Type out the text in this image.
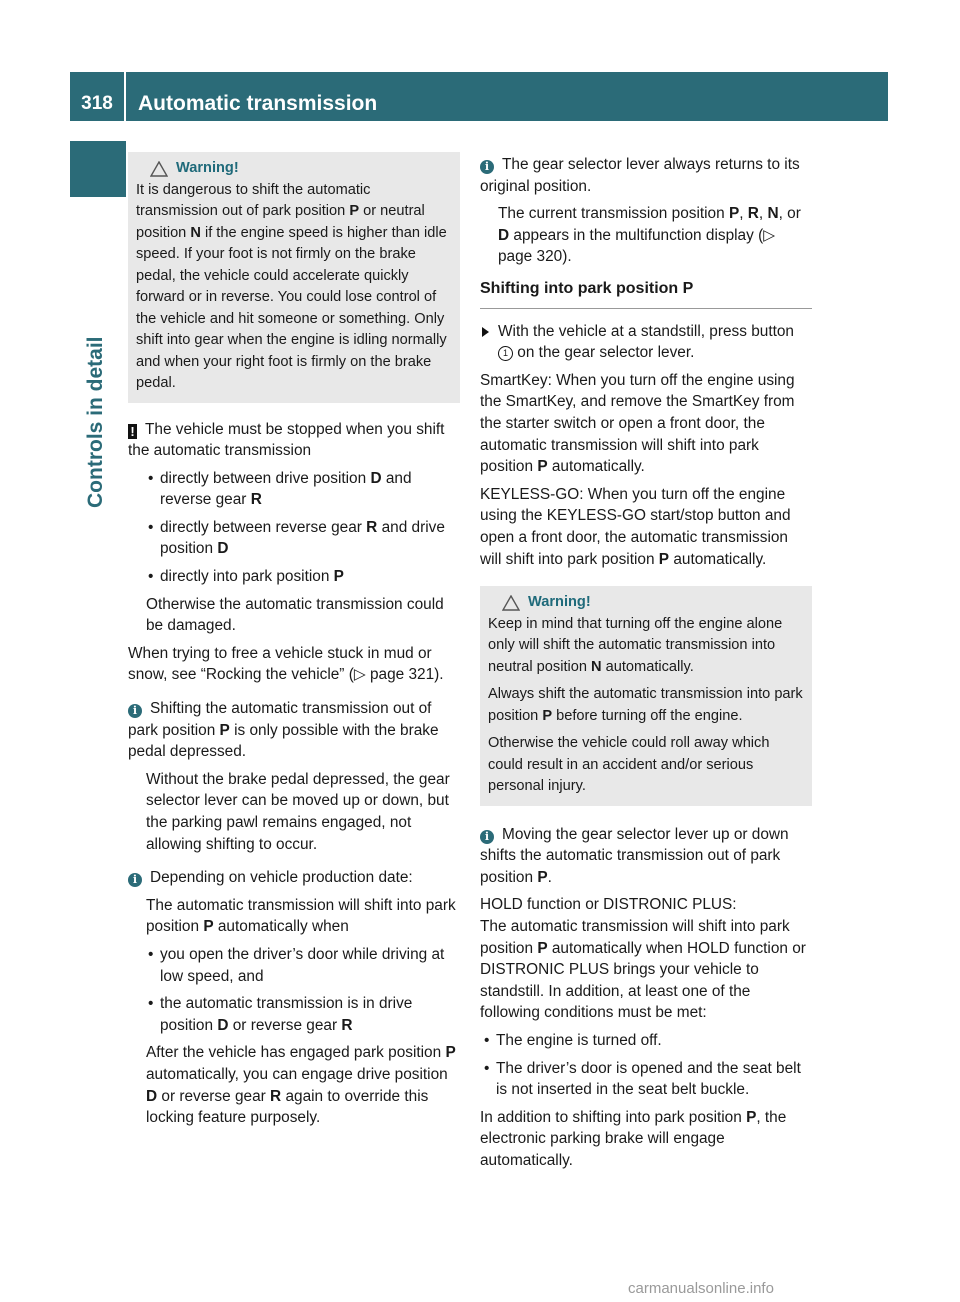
318	Automatic transmission
Controls in detail
Warning!
It is dangerous to shift the automatic transmission out of park position P or neutral position N if the engine speed is higher than idle speed. If your foot is not firmly on the brake pedal, the vehicle could accelerate quickly forward or in reverse. You could lose control of the vehicle and hit someone or something. Only shift into gear when the engine is idling normally and when your right foot is firmly on the brake pedal.
! The vehicle must be stopped when you shift the automatic transmission
• directly between drive position D and reverse gear R
• directly between reverse gear R and drive position D
• directly into park position P
Otherwise the automatic transmission could be damaged.
When trying to free a vehicle stuck in mud or snow, see “Rocking the vehicle” (▷ page 321).
i Shifting the automatic transmission out of park position P is only possible with the brake pedal depressed.
Without the brake pedal depressed, the gear selector lever can be moved up or down, but the parking pawl remains engaged, not allowing shifting to occur.
i Depending on vehicle production date:
The automatic transmission will shift into park position P automatically when
• you open the driver’s door while driving at low speed, and
• the automatic transmission is in drive position D or reverse gear R
After the vehicle has engaged park position P automatically, you can engage drive position D or reverse gear R again to override this locking feature purposely.
i The gear selector lever always returns to its original position.
The current transmission position P, R, N, or D appears in the multifunction display (▷ page 320).
Shifting into park position P
With the vehicle at a standstill, press button 1 on the gear selector lever.
SmartKey: When you turn off the engine using the SmartKey, and remove the SmartKey from the starter switch or open a front door, the automatic transmission will shift into park position P automatically.
KEYLESS-GO: When you turn off the engine using the KEYLESS-GO start/stop button and open a front door, the automatic transmission will shift into park position P automatically.
Warning!
Keep in mind that turning off the engine alone only will shift the automatic transmission into neutral position N automatically.
Always shift the automatic transmission into park position P before turning off the engine.
Otherwise the vehicle could roll away which could result in an accident and/or serious personal injury.
i Moving the gear selector lever up or down shifts the automatic transmission out of park position P.
HOLD function or DISTRONIC PLUS:
The automatic transmission will shift into park position P automatically when HOLD function or DISTRONIC PLUS brings your vehicle to standstill. In addition, at least one of the following conditions must be met:
• The engine is turned off.
• The driver’s door is opened and the seat belt is not inserted in the seat belt buckle.
In addition to shifting into park position P, the electronic parking brake will engage automatically.
carmanualsonline.info
